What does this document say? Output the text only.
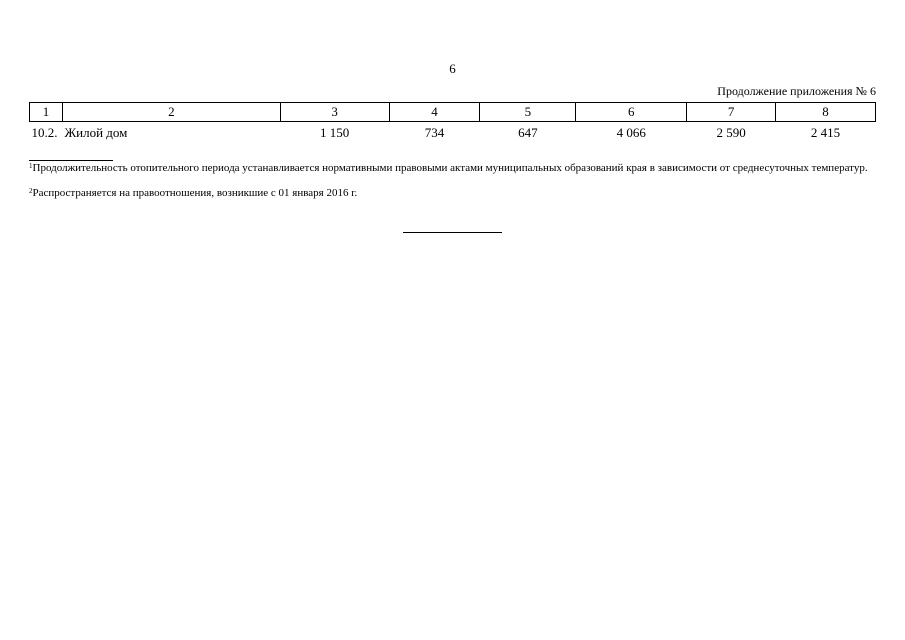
6
Продолжение приложения № 6
1	2	3	4	5	6	7	8
10.2. Жилой дом		1 150	734	647	4 066	2 590	2 415
$^1$Продолжительность отопительного периода устанавливается нормативными правовыми актами муниципальных образований края в зависимости от среднесуточных температур.
$^2$Распространяется на правоотношения, возникшие с 01 января 2016 г.
